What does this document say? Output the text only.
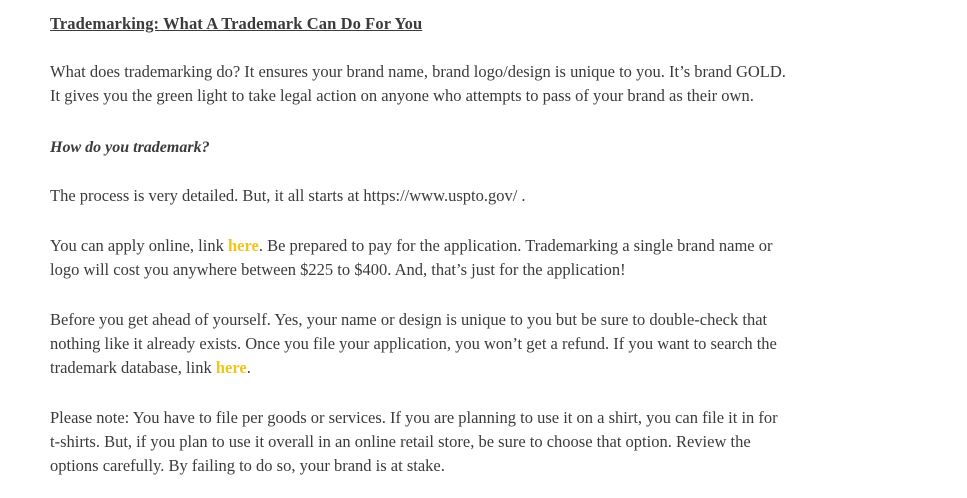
Trademarking: What A Trademark Can Do For You

What does trademarking do? It ensures your brand name, brand logo/design is unique to you. It’s brand GOLD. It gives you the green light to take legal action on anyone who attempts to pass of your brand as their own.

How do you trademark?

The process is very detailed. But, it all starts at https://www.uspto.gov/ .

You can apply online, link here. Be prepared to pay for the application. Trademarking a single brand name or logo will cost you anywhere between $225 to $400. And, that’s just for the application!

Before you get ahead of yourself. Yes, your name or design is unique to you but be sure to double-check that nothing like it already exists. Once you file your application, you won’t get a refund. If you want to search the trademark database, link here.

Please note: You have to file per goods or services. If you are planning to use it on a shirt, you can file it in for t-shirts. But, if you plan to use it overall in an online retail store, be sure to choose that option. Review the options carefully. By failing to do so, your brand is at stake.
